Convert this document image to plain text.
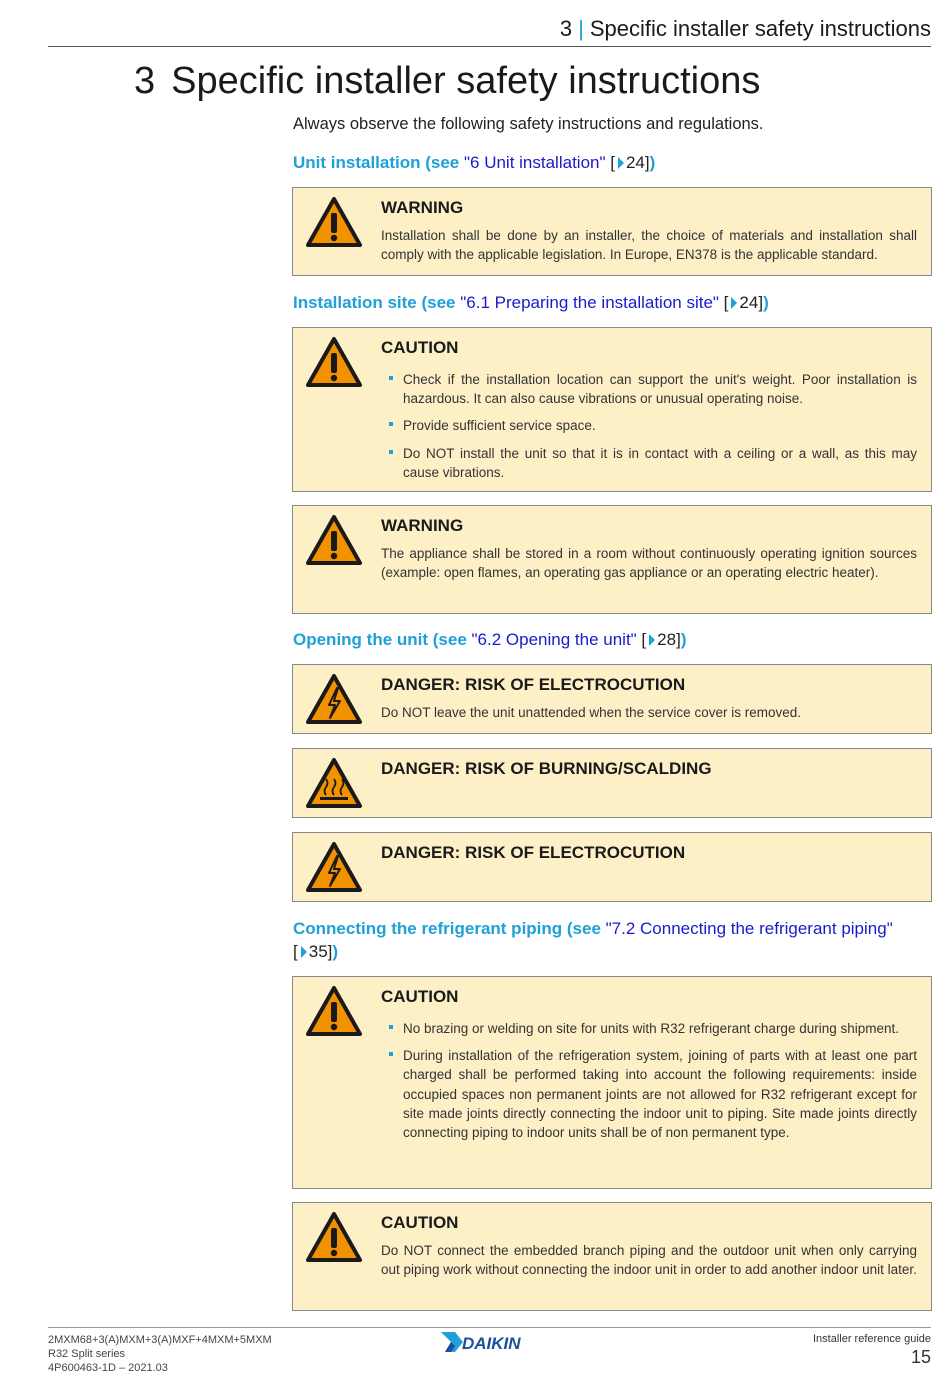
3 | Specific installer safety instructions
3 Specific installer safety instructions

Always observe the following safety instructions and regulations.

Unit installation (see "6 Unit installation" [ 24])
WARNING
Installation shall be done by an installer, the choice of materials and installation shall comply with the applicable legislation. In Europe, EN378 is the applicable standard.
Installation site (see "6.1 Preparing the installation site" [ 24])
CAUTION
Check if the installation location can support the unit's weight. Poor installation is hazardous. It can also cause vibrations or unusual operating noise.
Provide sufficient service space.
Do NOT install the unit so that it is in contact with a ceiling or a wall, as this may cause vibrations.
WARNING
The appliance shall be stored in a room without continuously operating ignition sources (example: open flames, an operating gas appliance or an operating electric heater).
Opening the unit (see "6.2 Opening the unit" [ 28])
DANGER: RISK OF ELECTROCUTION
Do NOT leave the unit unattended when the service cover is removed.
DANGER: RISK OF BURNING/SCALDING
DANGER: RISK OF ELECTROCUTION
Connecting the refrigerant piping (see "7.2 Connecting the refrigerant piping" [ 35])
CAUTION
No brazing or welding on site for units with R32 refrigerant charge during shipment.
During installation of the refrigeration system, joining of parts with at least one part charged shall be performed taking into account the following requirements: inside occupied spaces non permanent joints are not allowed for R32 refrigerant except for site made joints directly connecting the indoor unit to piping. Site made joints directly connecting piping to indoor units shall be of non permanent type.
CAUTION
Do NOT connect the embedded branch piping and the outdoor unit when only carrying out piping work without connecting the indoor unit in order to add another indoor unit later.
2MXM68+3(A)MXM+3(A)MXF+4MXM+5MXM
R32 Split series
4P600463-1D – 2021.03
DAIKIN	Installer reference guide
15
